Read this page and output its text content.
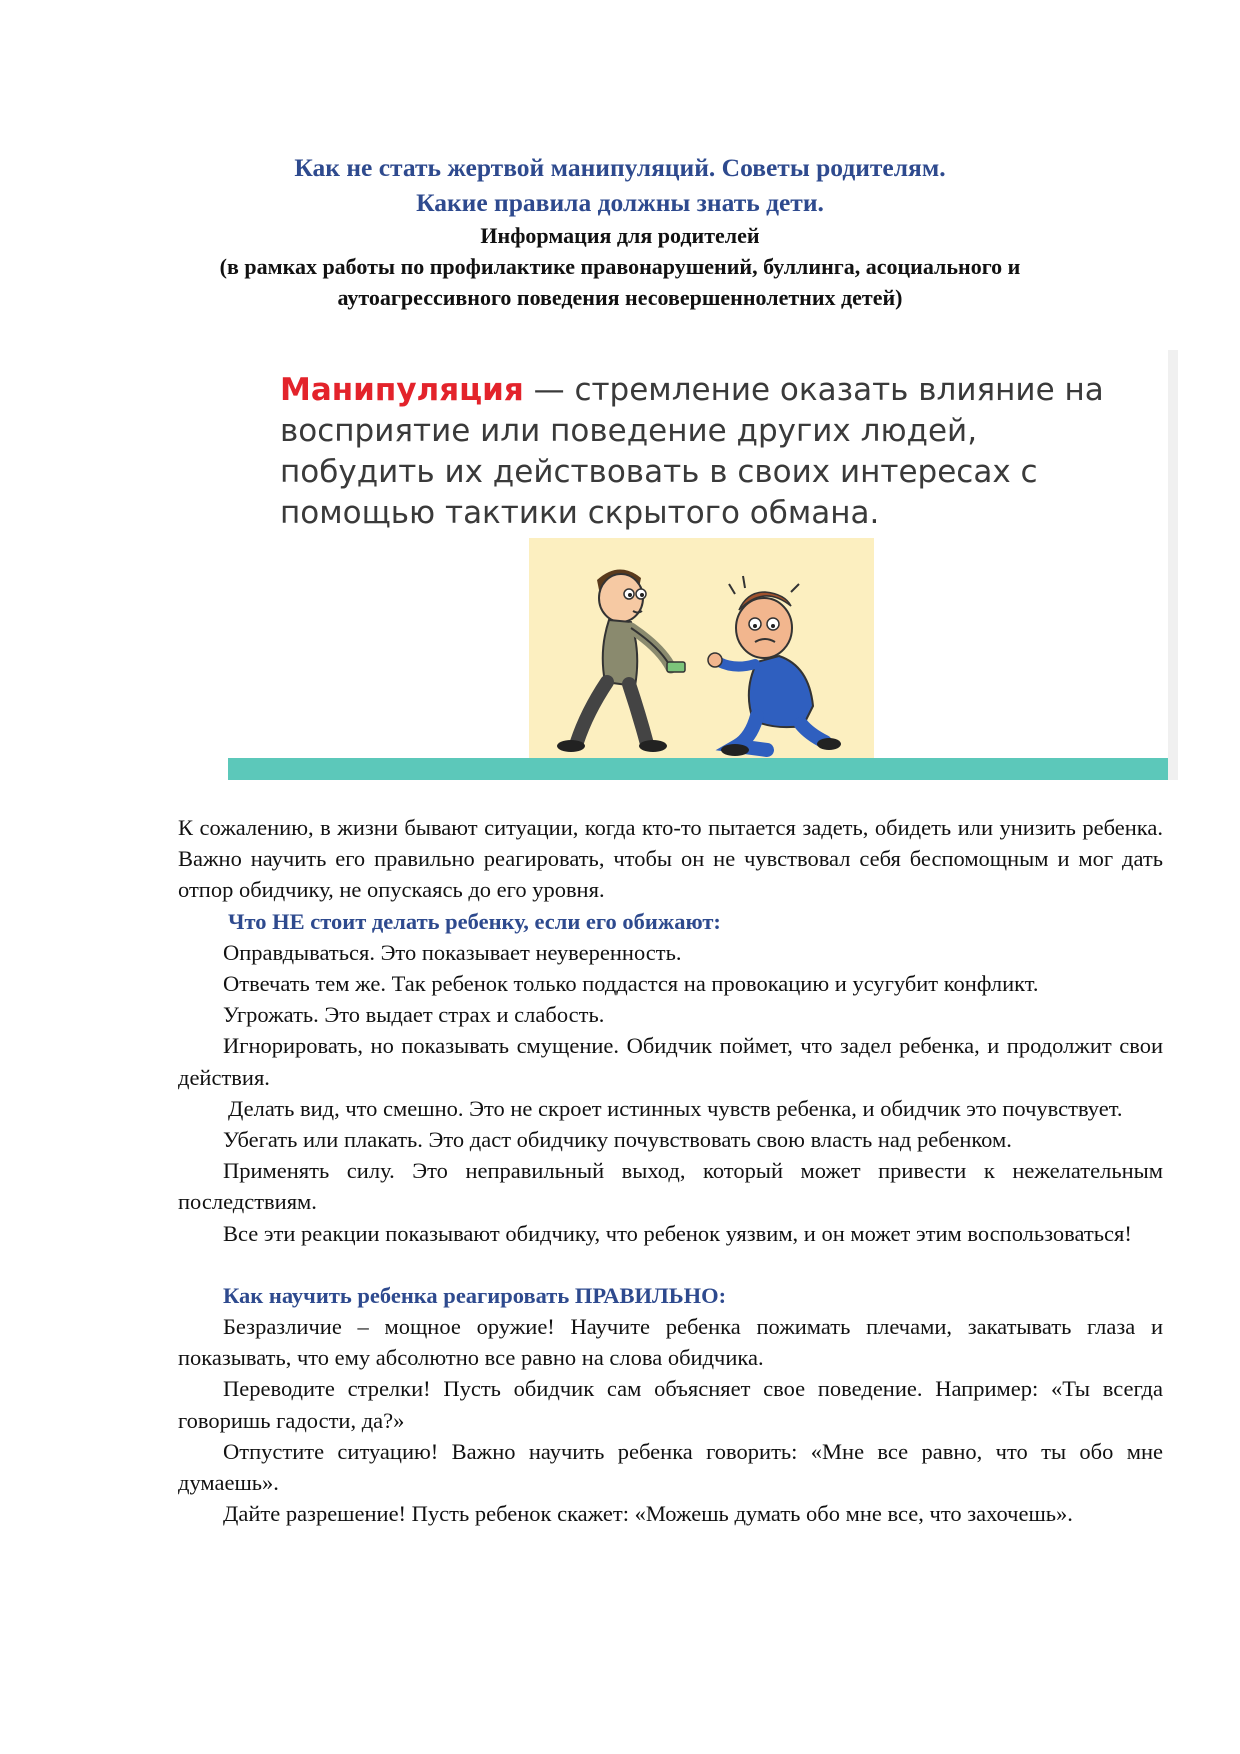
Как не стать жертвой манипуляций. Советы родителям.

Какие правила должны знать дети.

Информация для родителей

(в рамках работы по профилактике правонарушений, буллинга, асоциального и

аутоагрессивного поведения несовершеннолетних детей)

Манипуляция — стремление оказать влияние на восприятие или поведение других людей, побудить их действовать в своих интересах с помощью тактики скрытого обмана.

К сожалению, в жизни бывают ситуации, когда кто-то пытается задеть, обидеть или унизить ребенка. Важно научить его правильно реагировать, чтобы он не чувствовал себя беспомощным и мог дать отпор обидчику, не опускаясь до его уровня.

Что НЕ стоит делать ребенку, если его обижают:

Оправдываться. Это показывает неуверенность.

Отвечать тем же. Так ребенок только поддастся на провокацию и усугубит конфликт.

Угрожать. Это выдает страх и слабость.

Игнорировать, но показывать смущение. Обидчик поймет, что задел ребенка, и продолжит свои действия.

Делать вид, что смешно. Это не скроет истинных чувств ребенка, и обидчик это почувствует.

Убегать или плакать. Это даст обидчику почувствовать свою власть над ребенком.

Применять силу. Это неправильный выход, который может привести к нежелательным последствиям.

Все эти реакции показывают обидчику, что ребенок уязвим, и он может этим воспользоваться!

Как научить ребенка реагировать ПРАВИЛЬНО:

Безразличие – мощное оружие! Научите ребенка пожимать плечами, закатывать глаза и показывать, что ему абсолютно все равно на слова обидчика.

Переводите стрелки! Пусть обидчик сам объясняет свое поведение. Например: «Ты всегда говоришь гадости, да?»

Отпустите ситуацию! Важно научить ребенка говорить: «Мне все равно, что ты обо мне думаешь».

Дайте разрешение! Пусть ребенок скажет: «Можешь думать обо мне все, что захочешь».
